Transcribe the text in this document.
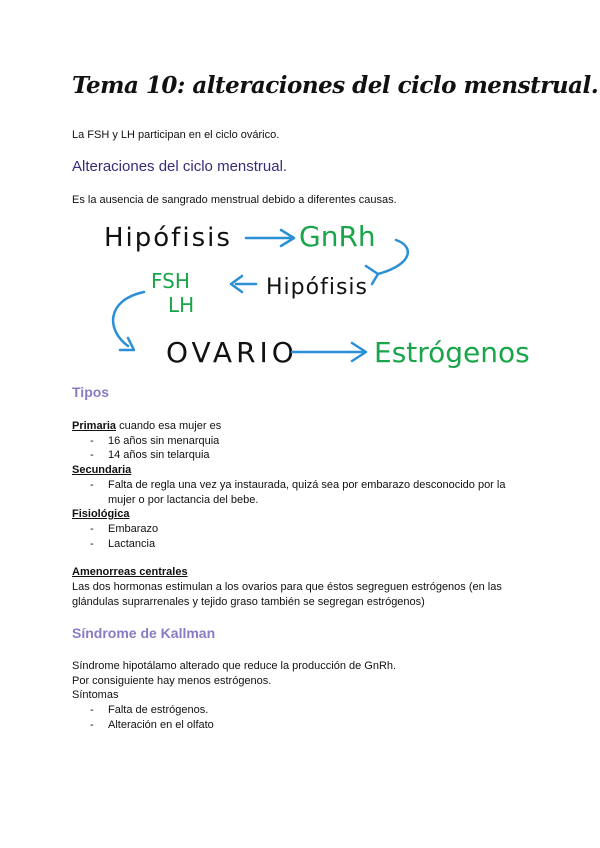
Tema 10: alteraciones del ciclo menstrual.
La FSH y LH participan en el ciclo ovárico.
Alteraciones del ciclo menstrual.
Es la ausencia de sangrado menstrual debido a diferentes causas.
Hipófisis GnRh
Hipófisis
FSH
LH
OVARIO	Estrógenos
Tipos
Primaria cuando esa mujer es
- 16 años sin menarquia
- 14 años sin telarquia
Secundaria
- Falta de regla una vez ya instaurada, quizá sea por embarazo desconocido por la
mujer o por lactancia del bebe.
Fisiológica
- Embarazo
- Lactancia
Amenorreas centrales
Las dos hormonas estimulan a los ovarios para que éstos segreguen estrógenos (en las
glándulas suprarrenales y tejido graso también se segregan estrógenos)
Síndrome de Kallman
Síndrome hipotálamo alterado que reduce la producción de GnRh.
Por consiguiente hay menos estrógenos.
Síntomas
- Falta de estrógenos.
- Alteración en el olfato
